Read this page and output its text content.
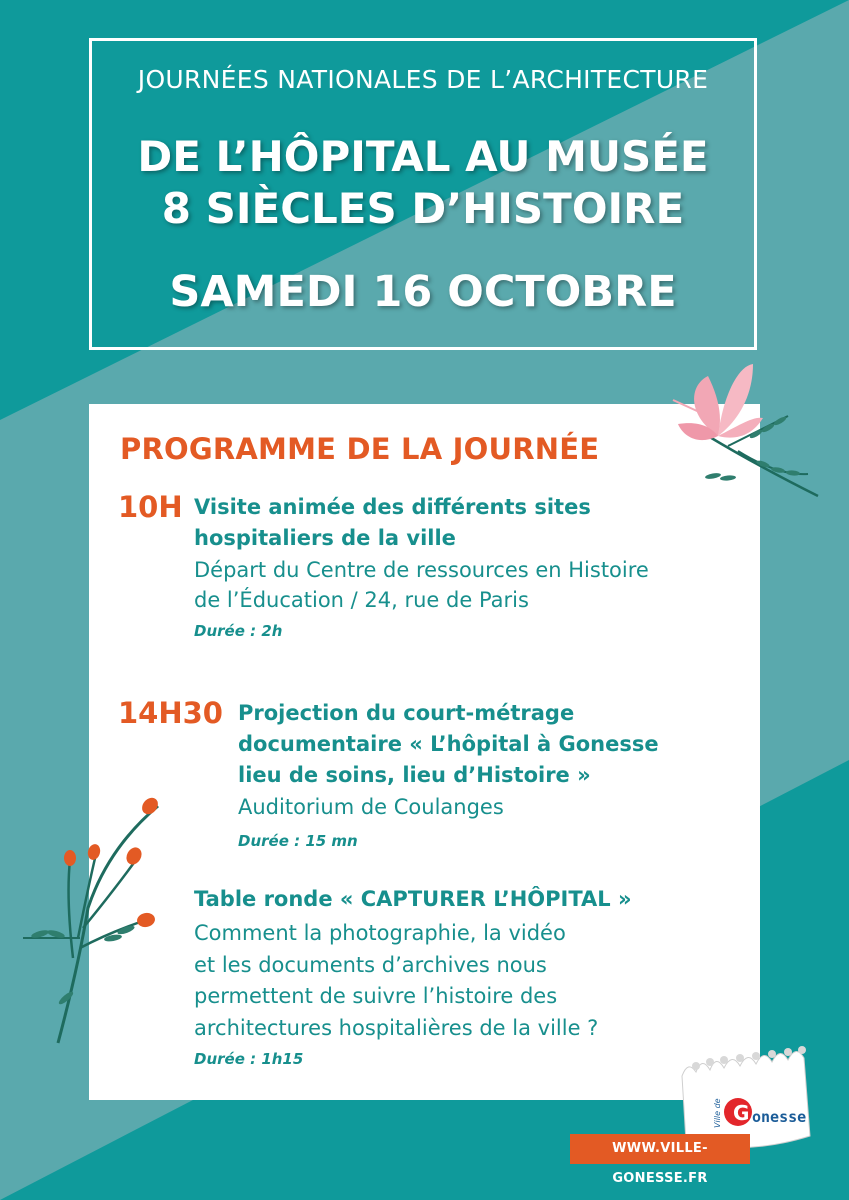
JOURNÉES NATIONALES DE L’ARCHITECTURE
DE L’HÔPITAL AU MUSÉE
8 SIÈCLES D’HISTOIRE
SAMEDI 16 OCTOBRE
PROGRAMME DE LA JOURNÉE
10H Visite animée des différents sites
hospitaliers de la ville
Départ du Centre de ressources en Histoire
de l’Éducation / 24, rue de Paris
Durée : 2h
14H30 Projection du court-métrage
documentaire « L’hôpital à Gonesse
lieu de soins, lieu d’Histoire »
Auditorium de Coulanges
Durée : 15 mn
Table ronde « CAPTURER L’HÔPITAL »
Comment la photographie, la vidéo
et les documents d’archives nous
permettent de suivre l’histoire des
architectures hospitalières de la ville ?
Durée : 1h15
G onesse
Ville de
WWW.VILLE-GONESSE.FR
